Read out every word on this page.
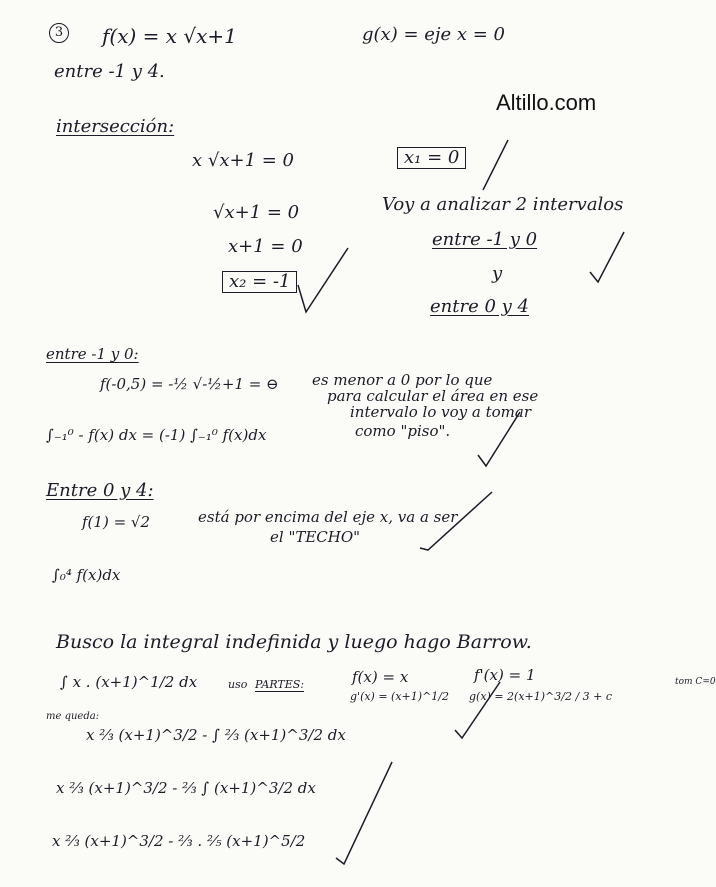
Altillo.com
3 f(x) = x √x+1	g(x) = eje x = 0
entre -1 y 4.
intersección:
x √x+1 = 0
√x+1 = 0
x+1 = 0
x₂ = -1
x₁ = 0
Voy a analizar 2 intervalos
entre -1 y 0
y
entre 0 y 4
entre -1 y 0:
f(-0,5) = -½ √-½+1 = ⊖ es menor a 0 por lo que
para calcular el área en ese
intervalo lo voy a tomar
∫₋₁⁰ - f(x) dx = (-1) ∫₋₁⁰ f(x)dx	como "piso".
Entre 0 y 4:
f(1) = √2	está por encima del eje x, va a ser
el "TECHO"
∫₀⁴ f(x)dx
Busco la integral indefinida y luego hago Barrow.
∫ x . (x+1)^1/2 dx	uso PARTES:	f(x) = x
g'(x) = (x+1)^1/2
f'(x) = 1
g(x) = 2(x+1)^3/2 / 3 + c
tom C=0
me queda:
x ⅔ (x+1)^3/2 - ∫ ⅔ (x+1)^3/2 dx
x ⅔ (x+1)^3/2 - ⅔ ∫ (x+1)^3/2 dx
x ⅔ (x+1)^3/2 - ⅔ . ⅖ (x+1)^5/2
